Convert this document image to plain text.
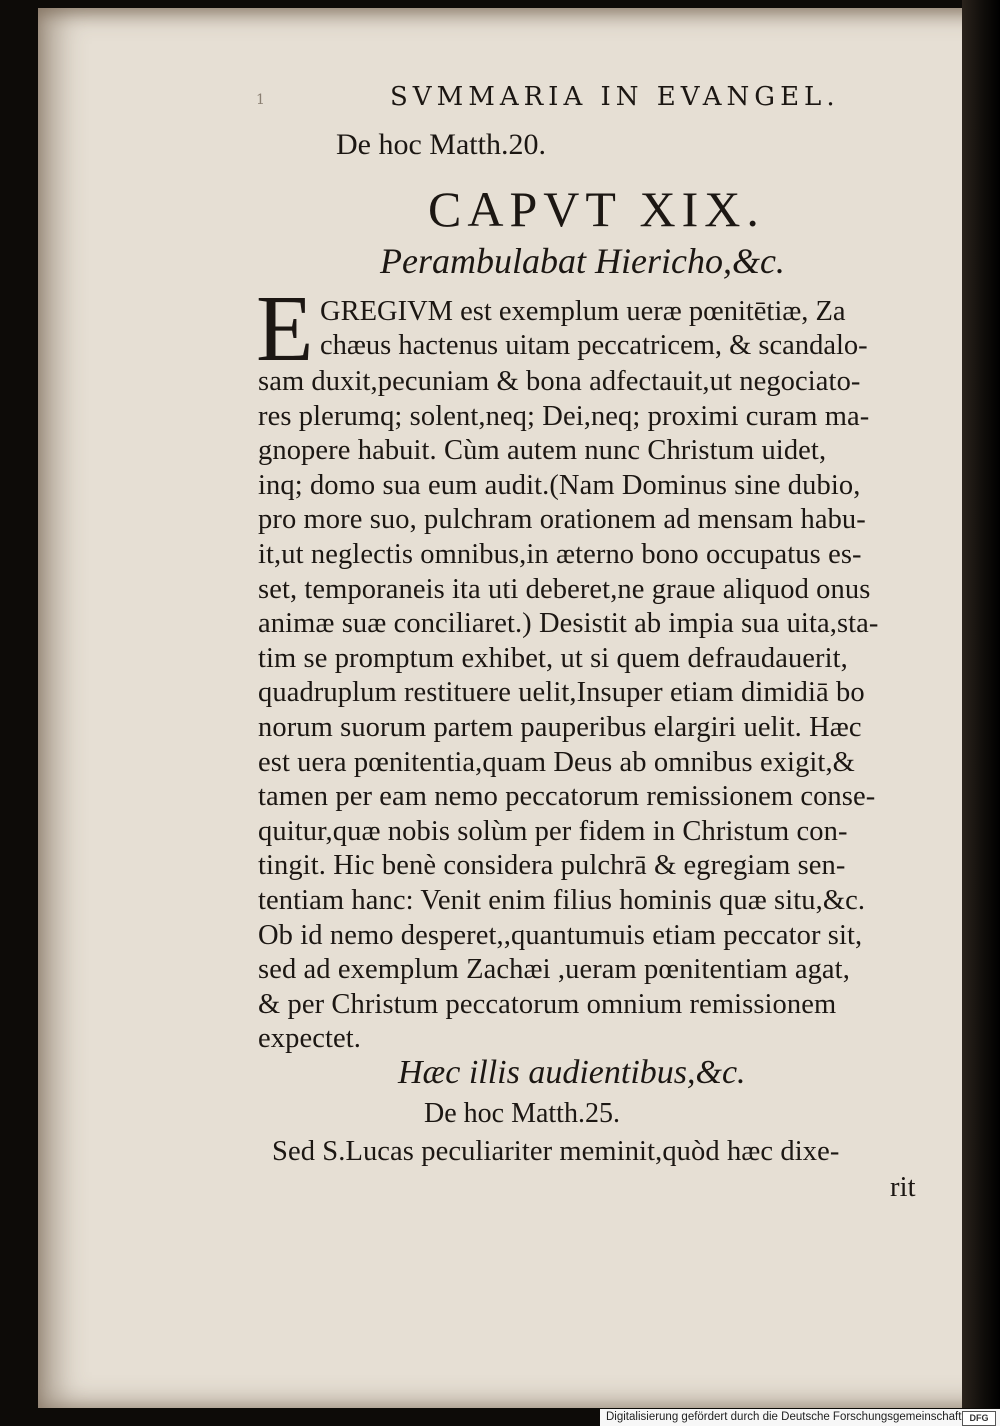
1	SVMMARIA IN EVANGEL.
De hoc Matth.20.
CAPVT XIX.
Perambulabat Hiericho,&c.
E GREGIVM est exemplum ueræ pœnitētiæ, Za
chæus hactenus uitam peccatricem, & scandalo-
sam duxit,pecuniam & bona adfectauit,ut negociato-
res plerumq; solent,neq; Dei,neq; proximi curam ma-
gnopere habuit. Cùm autem nunc Christum uidet,
inq; domo sua eum audit.(Nam Dominus sine dubio,
pro more suo, pulchram orationem ad mensam habu-
it,ut neglectis omnibus,in æterno bono occupatus es-
set, temporaneis ita uti deberet,ne graue aliquod onus
animæ suæ conciliaret.) Desistit ab impia sua uita,sta-
tim se promptum exhibet, ut si quem defraudauerit,
quadruplum restituere uelit,Insuper etiam dimidiā bo
norum suorum partem pauperibus elargiri uelit. Hæc
est uera pœnitentia,quam Deus ab omnibus exigit,&
tamen per eam nemo peccatorum remissionem conse-
quitur,quæ nobis solùm per fidem in Christum con-
tingit. Hic benè considera pulchrā & egregiam sen-
tentiam hanc: Venit enim filius hominis quæ situ,&c.
Ob id nemo desperet,,quantumuis etiam peccator sit,
sed ad exemplum Zachæi ,ueram pœnitentiam agat,
& per Christum peccatorum omnium remissionem
expectet.
Hæc illis audientibus,&c.
De hoc Matth.25.
Sed S.Lucas peculiariter meminit,quòd hæc dixe-
rit
Digitalisierung gefördert durch die Deutsche Forschungsgemeinschaft DFG
